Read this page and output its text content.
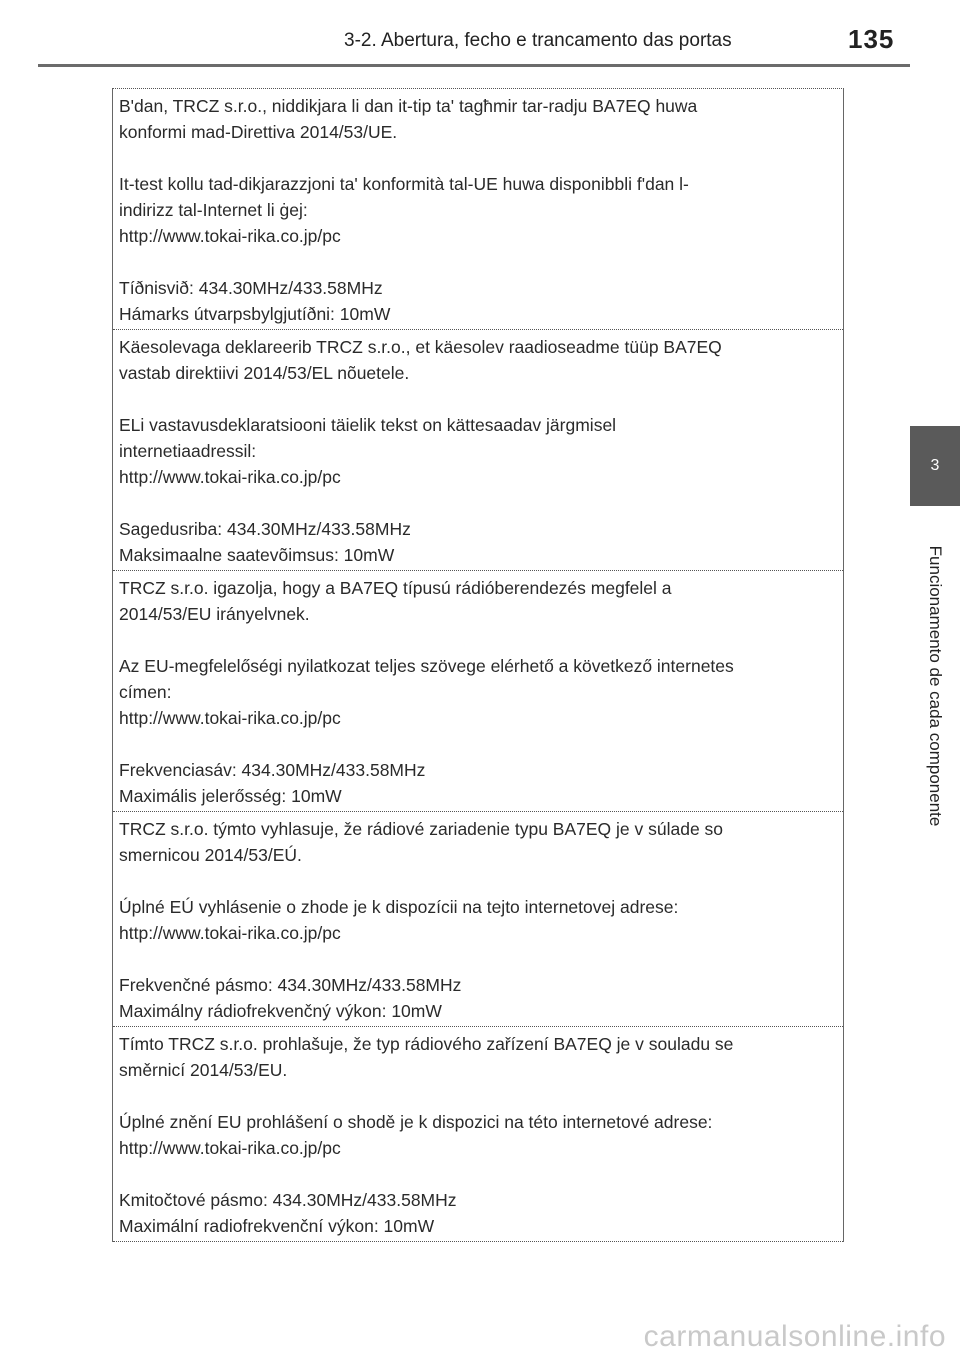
3-2. Abertura, fecho e trancamento das portas	135
3
Funcionamento de cada componente

B'dan, TRCZ s.r.o., niddikjara li dan it-tip ta' tagħmir tar-radju BA7EQ huwa

konformi mad-Direttiva 2014/53/UE.

It-test kollu tad-dikjarazzjoni ta' konformità tal-UE huwa disponibbli f'dan l-

indirizz tal-Internet li ġej:

http://www.tokai-rika.co.jp/pc

Tíðnisvið: 434.30MHz/433.58MHz

Hámarks útvarpsbylgjutíðni: 10mW

Käesolevaga deklareerib TRCZ s.r.o., et käesolev raadioseadme tüüp BA7EQ

vastab direktiivi 2014/53/EL nõuetele.

ELi vastavusdeklaratsiooni täielik tekst on kättesaadav järgmisel

internetiaadressil:

http://www.tokai-rika.co.jp/pc

Sagedusriba: 434.30MHz/433.58MHz

Maksimaalne saatevõimsus: 10mW

TRCZ s.r.o. igazolja, hogy a BA7EQ típusú rádióberendezés megfelel a

2014/53/EU irányelvnek.

Az EU-megfelelőségi nyilatkozat teljes szövege elérhető a következő internetes

címen:

http://www.tokai-rika.co.jp/pc

Frekvenciasáv: 434.30MHz/433.58MHz

Maximális jelerősség: 10mW

TRCZ s.r.o. týmto vyhlasuje, že rádiové zariadenie typu BA7EQ je v súlade so

smernicou 2014/53/EÚ.

Úplné EÚ vyhlásenie o zhode je k dispozícii na tejto internetovej adrese:

http://www.tokai-rika.co.jp/pc

Frekvenčné pásmo: 434.30MHz/433.58MHz

Maximálny rádiofrekvenčný výkon: 10mW

Tímto TRCZ s.r.o. prohlašuje, že typ rádiového zařízení BA7EQ je v souladu se

směrnicí 2014/53/EU.

Úplné znění EU prohlášení o shodě je k dispozici na této internetové adrese:

http://www.tokai-rika.co.jp/pc

Kmitočtové pásmo: 434.30MHz/433.58MHz

Maximální radiofrekvenční výkon: 10mW

carmanualsonline.info
